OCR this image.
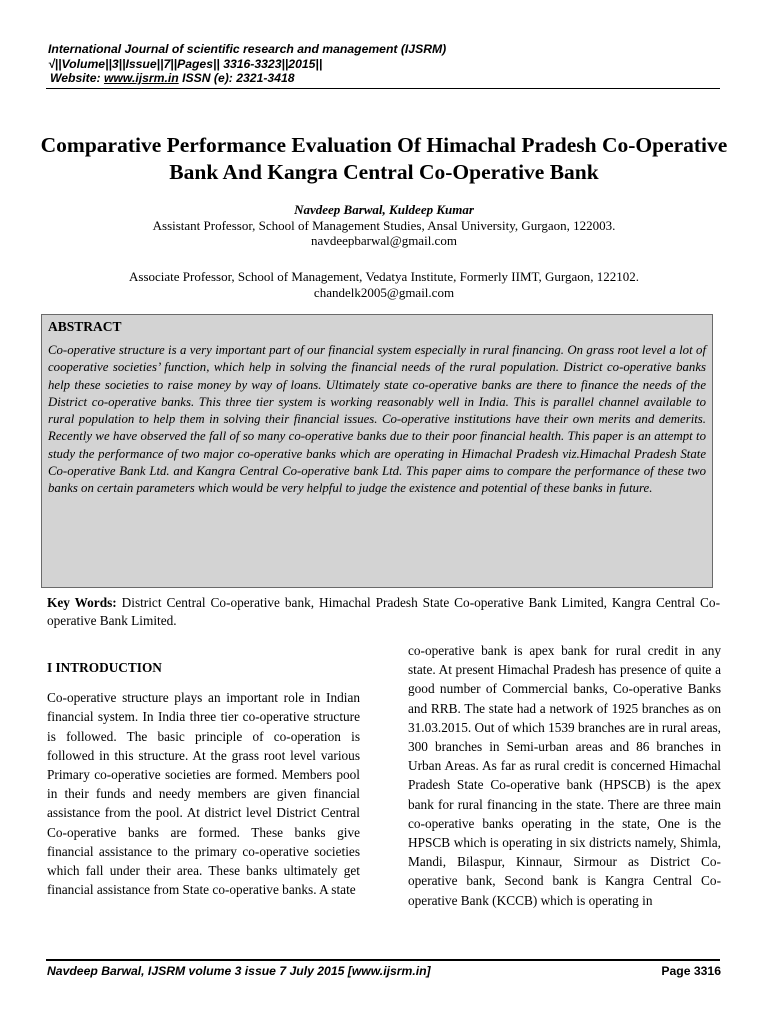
International Journal of scientific research and management (IJSRM)
√||Volume||3||Issue||7||Pages|| 3316-3323||2015||
Website: www.ijsrm.in ISSN (e): 2321-3418
Comparative Performance Evaluation Of Himachal Pradesh Co-Operative Bank And Kangra Central Co-Operative Bank
Navdeep Barwal, Kuldeep Kumar
Assistant Professor, School of Management Studies, Ansal University, Gurgaon, 122003.
navdeepbarwal@gmail.com
Associate Professor, School of Management, Vedatya Institute, Formerly IIMT, Gurgaon, 122102.
chandelk2005@gmail.com
ABSTRACT
Co-operative structure is a very important part of our financial system especially in rural financing. On grass root level a lot of cooperative societies’ function, which help in solving the financial needs of the rural population. District co-operative banks help these societies to raise money by way of loans. Ultimately state co-operative banks are there to finance the needs of the District co-operative banks. This three tier system is working reasonably well in India. This is parallel channel available to rural population to help them in solving their financial issues. Co-operative institutions have their own merits and demerits. Recently we have observed the fall of so many co-operative banks due to their poor financial health. This paper is an attempt to study the performance of two major co-operative banks which are operating in Himachal Pradesh viz.Himachal Pradesh State Co-operative Bank Ltd. and Kangra Central Co-operative bank Ltd. This paper aims to compare the performance of these two banks on certain parameters which would be very helpful to judge the existence and potential of these banks in future.
Key Words: District Central Co-operative bank, Himachal Pradesh State Co-operative Bank Limited, Kangra Central Co-operative Bank Limited.
I INTRODUCTION
Co-operative structure plays an important role in Indian financial system. In India three tier co-operative structure is followed. The basic principle of co-operation is followed in this structure. At the grass root level various Primary co-operative societies are formed. Members pool in their funds and needy members are given financial assistance from the pool. At district level District Central Co-operative banks are formed. These banks give financial assistance to the primary co-operative societies which fall under their area. These banks ultimately get financial assistance from State co-operative banks. A state
co-operative bank is apex bank for rural credit in any state. At present Himachal Pradesh has presence of quite a good number of Commercial banks, Co-operative Banks and RRB. The state had a network of 1925 branches as on 31.03.2015. Out of which 1539 branches are in rural areas, 300 branches in Semi-urban areas and 86 branches in Urban Areas. As far as rural credit is concerned Himachal Pradesh State Co-operative bank (HPSCB) is the apex bank for rural financing in the state. There are three main co-operative banks operating in the state, One is the HPSCB which is operating in six districts namely, Shimla, Mandi, Bilaspur, Kinnaur, Sirmour as District Co-operative bank, Second bank is Kangra Central Co-operative Bank (KCCB) which is operating in
Navdeep Barwal, IJSRM volume 3 issue 7 July 2015 [www.ijsrm.in]	Page 3316
